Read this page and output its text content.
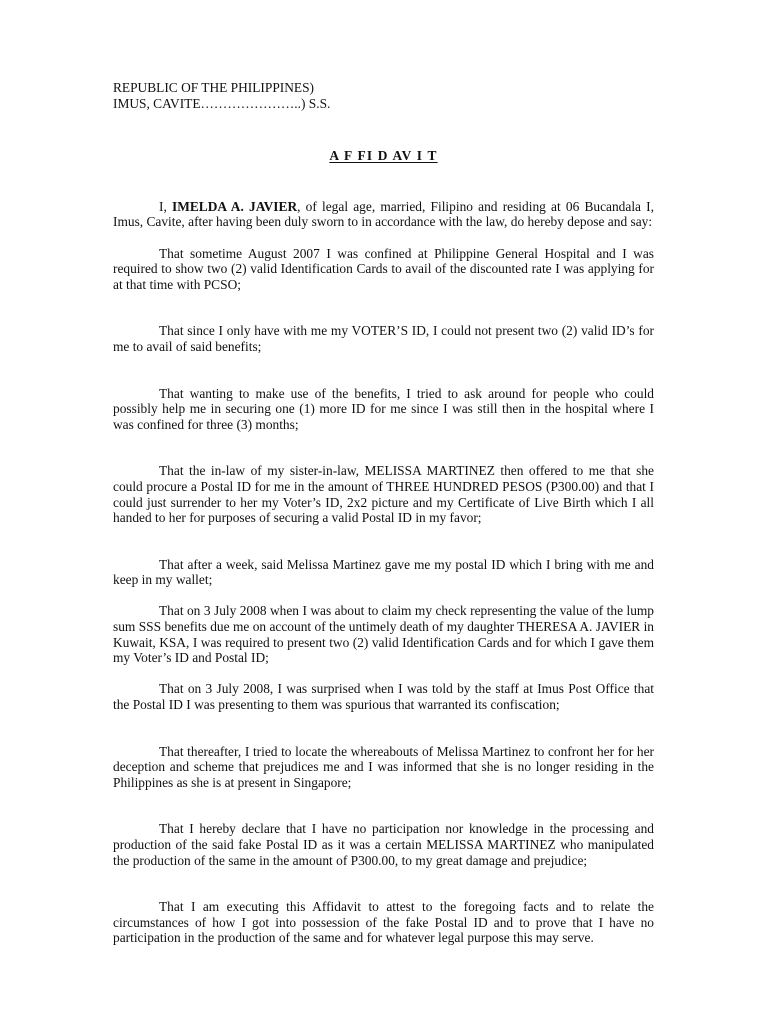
REPUBLIC OF THE PHILIPPINES)

IMUS, CAVITE…………………..) S.S.

A F FI D AV I T

I, IMELDA A. JAVIER, of legal age, married, Filipino and residing at 06 Bucandala I, Imus, Cavite, after having been duly sworn to in accordance with the law, do hereby depose and say:

That sometime August 2007 I was confined at Philippine General Hospital and I was required to show two (2) valid Identification Cards to avail of the discounted rate I was applying for at that time with PCSO;

That since I only have with me my VOTER’S ID, I could not present two (2) valid ID’s for me to avail of said benefits;

That wanting to make use of the benefits, I tried to ask around for people who could possibly help me in securing one (1) more ID for me since I was still then in the hospital where I was confined for three (3) months;

That the in-law of my sister-in-law, MELISSA MARTINEZ then offered to me that she could procure a Postal ID for me in the amount of THREE HUNDRED PESOS (P300.00) and that I could just surrender to her my Voter’s ID, 2x2 picture and my Certificate of Live Birth which I all handed to her for purposes of securing a valid Postal ID in my favor;

That after a week, said Melissa Martinez gave me my postal ID which I bring with me and keep in my wallet;

That on 3 July 2008 when I was about to claim my check representing the value of the lump sum SSS benefits due me on account of the untimely death of my daughter THERESA A. JAVIER in Kuwait, KSA, I was required to present two (2) valid Identification Cards and for which I gave them my Voter’s ID and Postal ID;

That on 3 July 2008, I was surprised when I was told by the staff at Imus Post Office that the Postal ID I was presenting to them was spurious that warranted its confiscation;

That thereafter, I tried to locate the whereabouts of Melissa Martinez to confront her for her deception and scheme that prejudices me and I was informed that she is no longer residing in the Philippines as she is at present in Singapore;

That I hereby declare that I have no participation nor knowledge in the processing and production of the said fake Postal ID as it was a certain MELISSA MARTINEZ who manipulated the production of the same in the amount of P300.00, to my great damage and prejudice;

That I am executing this Affidavit to attest to the foregoing facts and to relate the circumstances of how I got into possession of the fake Postal ID and to prove that I have no participation in the production of the same and for whatever legal purpose this may serve.
